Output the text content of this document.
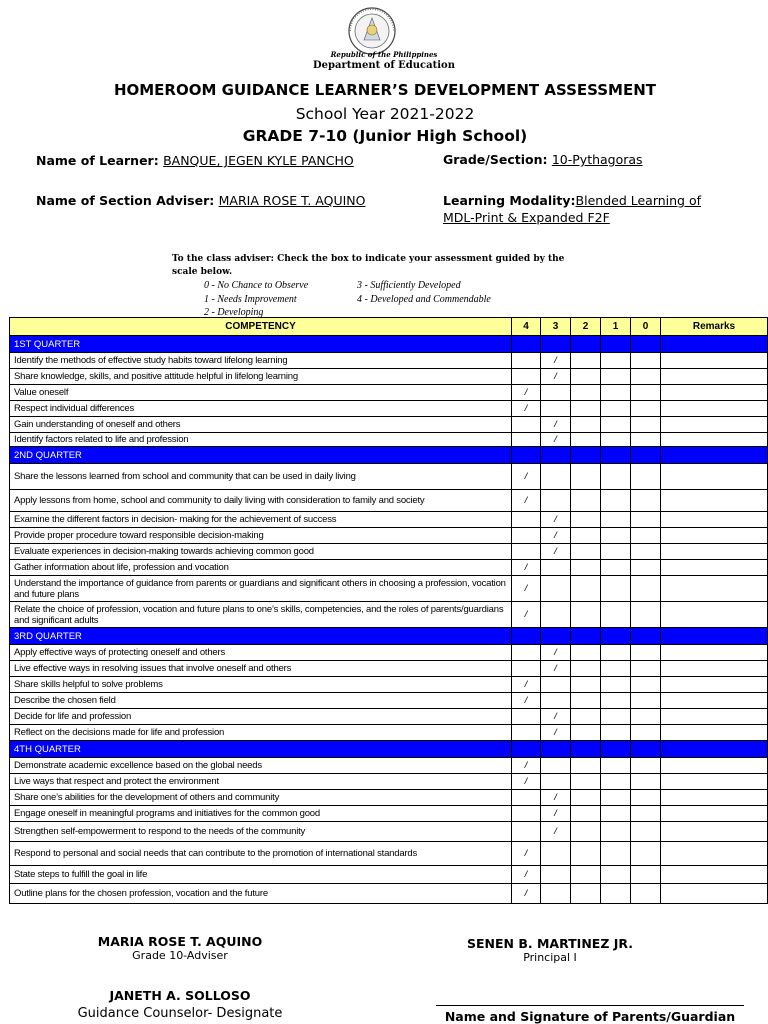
Republic of the Philippines
Department of Education
HOMEROOM GUIDANCE LEARNER’S DEVELOPMENT ASSESSMENT
School Year 2021-2022
GRADE 7-10 (Junior High School)
Name of Learner: BANQUE, JEGEN KYLE PANCHO	Grade/Section: 10-Pythagoras
Name of Section Adviser: MARIA ROSE T. AQUINO	Learning Modality:Blended Learning of
MDL-Print & Expanded F2F
To the class adviser: Check the box to indicate your assessment guided by the scale below.
0 - No Chance to Observe
1 - Needs Improvement
2 - Developing
3 - Sufficiently Developed
4 - Developed and Commendable
COMPETENCY	4	3	2	1	0	Remarks
1ST QUARTER						
Identify the methods of effective study habits toward lifelong learning		/				
Share knowledge, skills, and positive attitude helpful in lifelong learning		/				
Value oneself	/					
Respect individual differences	/					
Gain understanding of oneself and others		/				
Identify factors related to life and profession		/				
2ND QUARTER						
Share the lessons learned from school and community that can be used in daily living	/					
Apply lessons from home, school and community to daily living with consideration to family and society	/					
Examine the different factors in decision- making for the achievement of success		/				
Provide proper procedure toward responsible decision-making		/				
Evaluate experiences in decision-making towards achieving common good		/				
Gather information about life, profession and vocation	/					
Understand the importance of guidance from parents or guardians and significant others in choosing a profession, vocation and future plans	/					
Relate the choice of profession, vocation and future plans to one’s skills, competencies, and the roles of parents/guardians and significant adults	/					
3RD QUARTER						
Apply effective ways of protecting oneself and others		/				
Live effective ways in resolving issues that involve oneself and others		/				
Share skills helpful to solve problems	/					
Describe the chosen field	/					
Decide for life and profession		/				
Reflect on the decisions made for life and profession		/				
4TH QUARTER						
Demonstrate academic excellence based on the global needs	/					
Live ways that respect and protect the environment	/					
Share one’s abilities for the development of others and community		/				
Engage oneself in meaningful programs and initiatives for the common good		/				
Strengthen self-empowerment to respond to the needs of the community		/				
Respond to personal and social needs that can contribute to the promotion of international standards	/					
State steps to fulfill the goal in life	/					
Outline plans for the chosen profession, vocation and the future	/					
MARIA ROSE T. AQUINO
Grade 10-Adviser
SENEN B. MARTINEZ JR.
Principal I
JANETH A. SOLLOSO
Guidance Counselor- Designate	Name and Signature of Parents/Guardian
